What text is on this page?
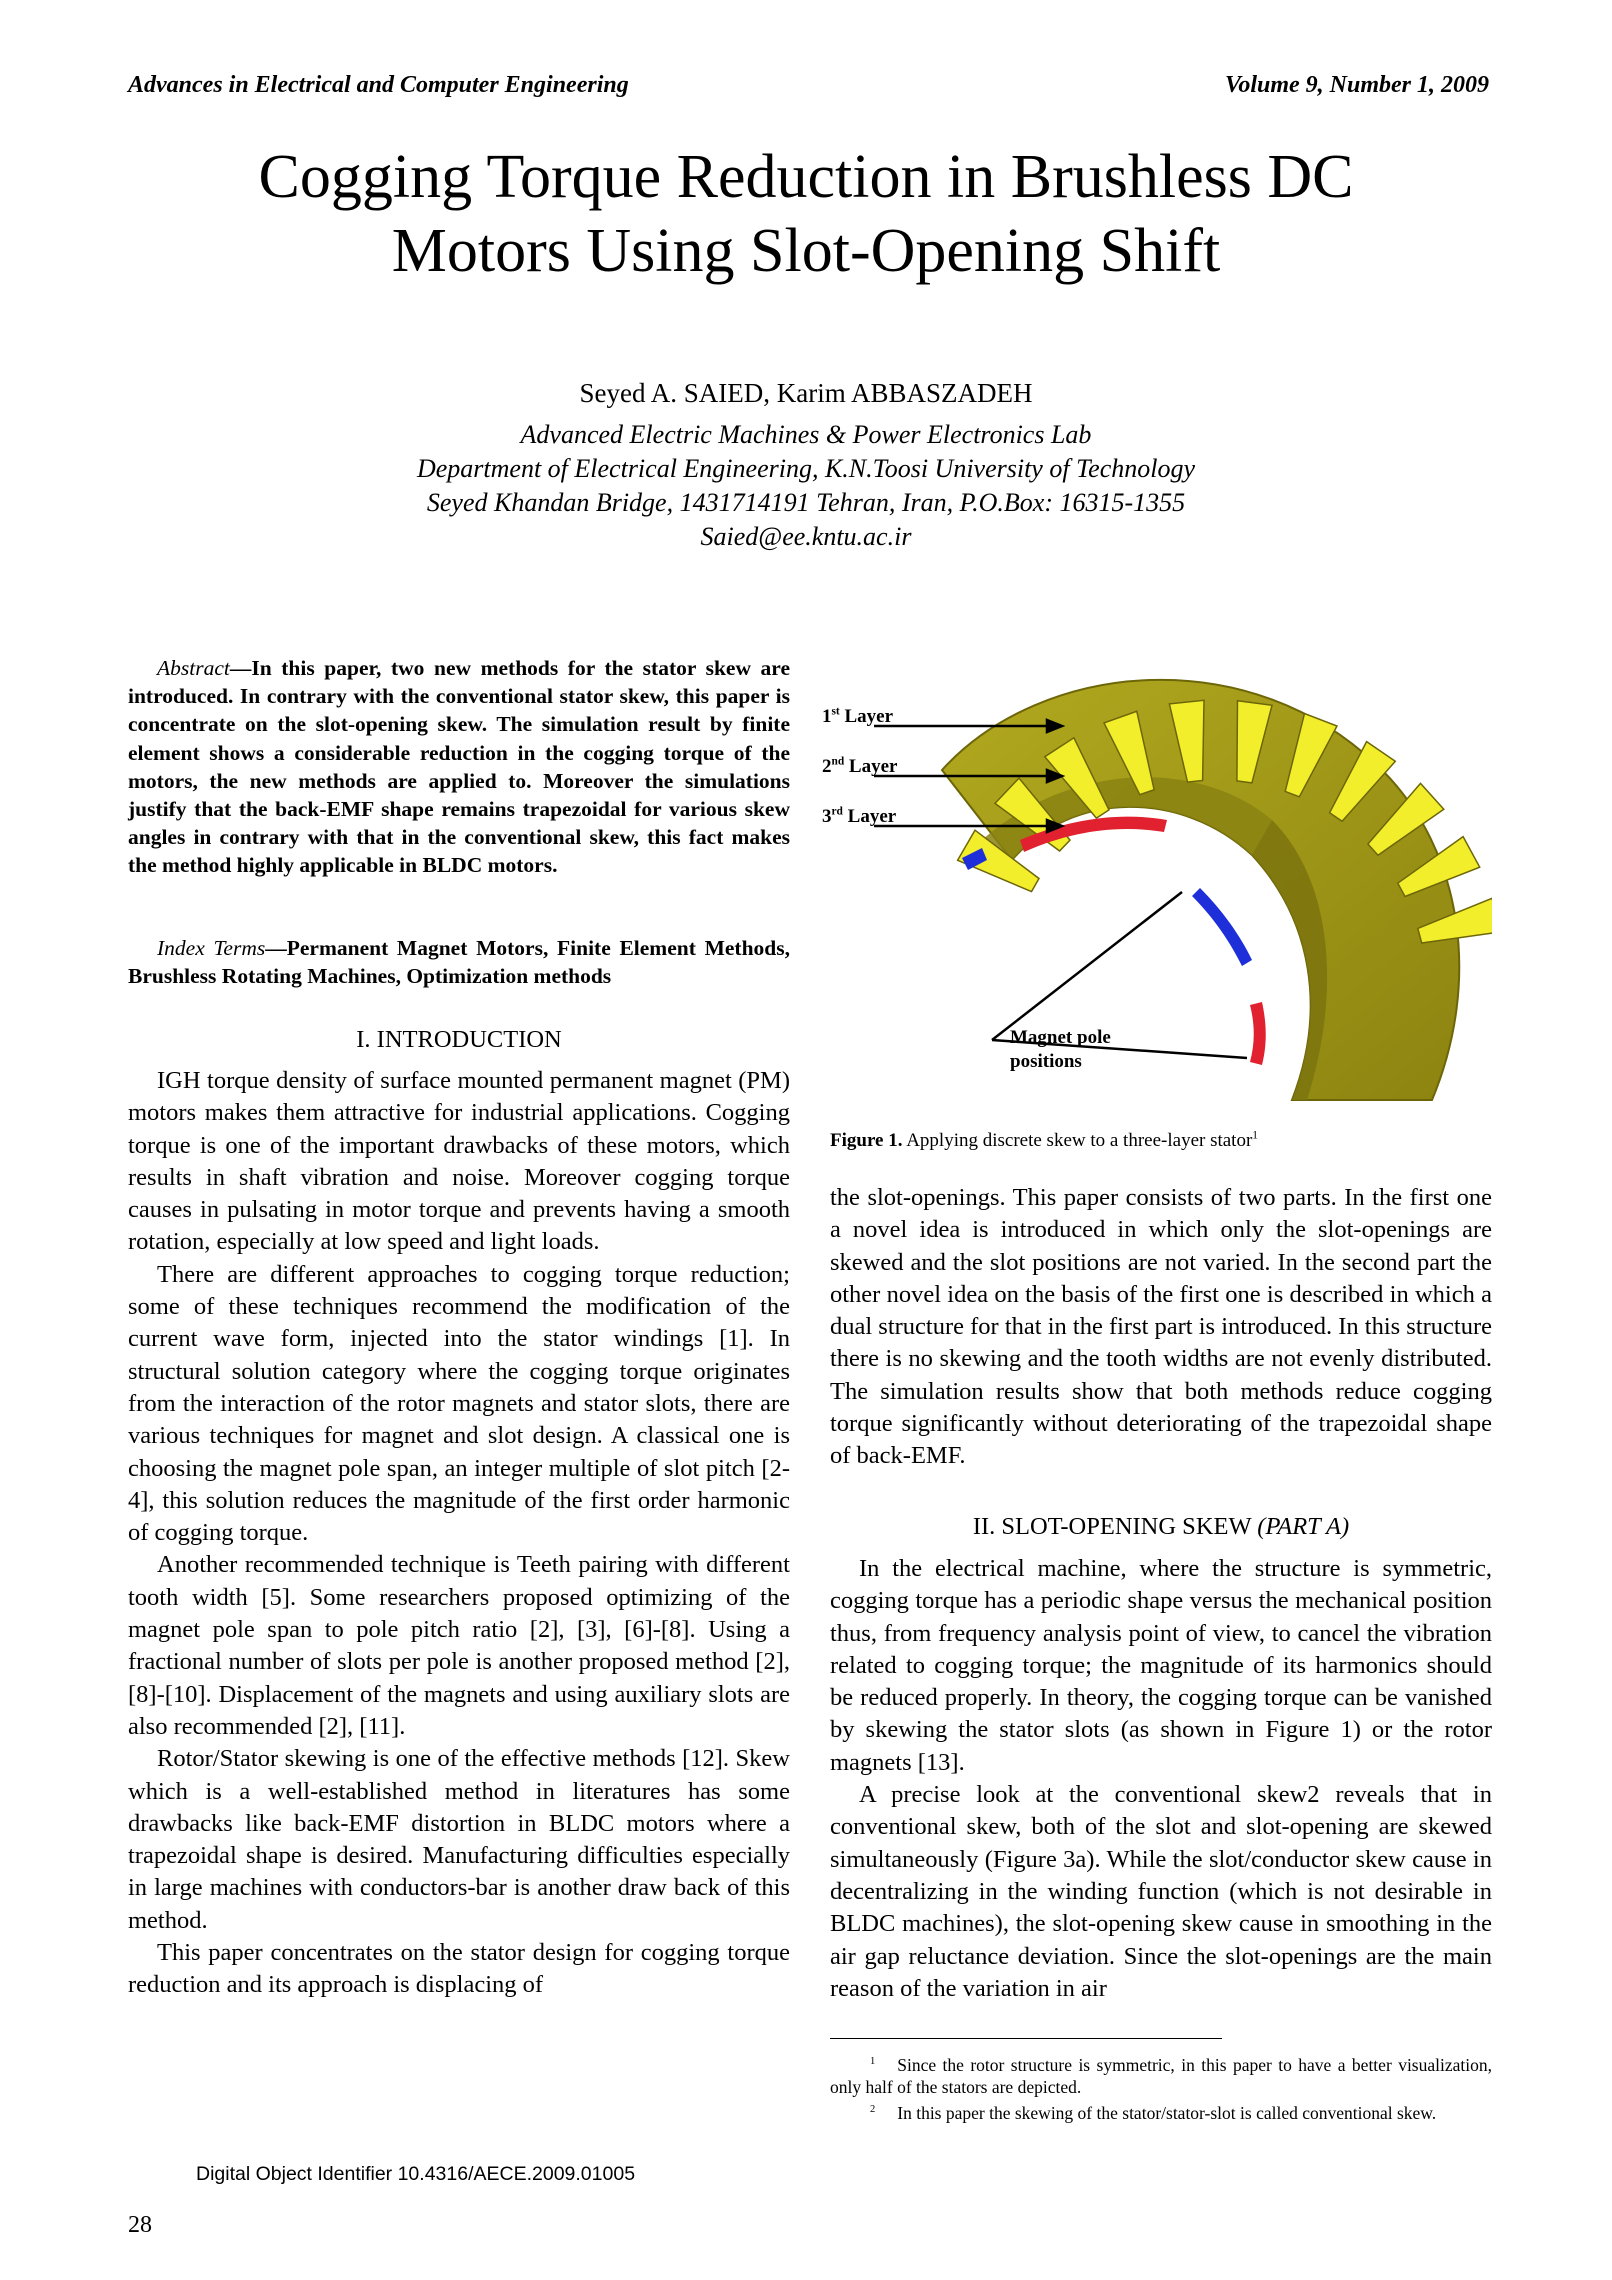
Advances in Electrical and Computer Engineering	Volume 9, Number 1, 2009
Cogging Torque Reduction in Brushless DC
Motors Using Slot-Opening Shift
Seyed A. SAIED, Karim ABBASZADEH
Advanced Electric Machines & Power Electronics Lab
Department of Electrical Engineering, K.N.Toosi University of Technology
Seyed Khandan Bridge, 1431714191 Tehran, Iran, P.O.Box: 16315-1355
Saied@ee.kntu.ac.ir
Abstract—In this paper, two new methods for the stator skew are introduced. In contrary with the conventional stator skew, this paper is concentrate on the slot-opening skew. The simulation result by finite element shows a considerable reduction in the cogging torque of the motors, the new methods are applied to. Moreover the simulations justify that the back-EMF shape remains trapezoidal for various skew angles in contrary with that in the conventional skew, this fact makes the method highly applicable in BLDC motors.
Index Terms—Permanent Magnet Motors, Finite Element Methods, Brushless Rotating Machines, Optimization methods
I. INTRODUCTION

IGH torque density of surface mounted permanent magnet (PM) motors makes them attractive for industrial applications. Cogging torque is one of the important drawbacks of these motors, which results in shaft vibration and noise. Moreover cogging torque causes in pulsating in motor torque and prevents having a smooth rotation, especially at low speed and light loads.

There are different approaches to cogging torque reduction; some of these techniques recommend the modification of the current wave form, injected into the stator windings [1]. In structural solution category where the cogging torque originates from the interaction of the rotor magnets and stator slots, there are various techniques for magnet and slot design. A classical one is choosing the magnet pole span, an integer multiple of slot pitch [2-4], this solution reduces the magnitude of the first order harmonic of cogging torque.

Another recommended technique is Teeth pairing with different tooth width [5]. Some researchers proposed optimizing of the magnet pole span to pole pitch ratio [2], [3], [6]-[8]. Using a fractional number of slots per pole is another proposed method [2], [8]-[10]. Displacement of the magnets and using auxiliary slots are also recommended [2], [11].

Rotor/Stator skewing is one of the effective methods [12]. Skew which is a well-established method in literatures has some drawbacks like back-EMF distortion in BLDC motors where a trapezoidal shape is desired. Manufacturing difficulties especially in large machines with conductors-bar is another draw back of this method.

This paper concentrates on the stator design for cogging torque reduction and its approach is displacing of

1st Layer
2nd Layer
3rd Layer
Magnet pole
positions
Figure 1. Applying discrete skew to a three-layer stator$^1$

the slot-openings. This paper consists of two parts. In the first one a novel idea is introduced in which only the slot-openings are skewed and the slot positions are not varied. In the second part the other novel idea on the basis of the first one is described in which a dual structure for that in the first part is introduced. In this structure there is no skewing and the tooth widths are not evenly distributed. The simulation results show that both methods reduce cogging torque significantly without deteriorating of the trapezoidal shape of back-EMF.

II. SLOT-OPENING SKEW (PART A)

In the electrical machine, where the structure is symmetric, cogging torque has a periodic shape versus the mechanical position thus, from frequency analysis point of view, to cancel the vibration related to cogging torque; the magnitude of its harmonics should be reduced properly. In theory, the cogging torque can be vanished by skewing the stator slots (as shown in Figure 1) or the rotor magnets [13].

A precise look at the conventional skew2 reveals that in conventional skew, both of the slot and slot-opening are skewed simultaneously (Figure 3a). While the slot/conductor skew cause in decentralizing in the winding function (which is not desirable in BLDC machines), the slot-opening skew cause in smoothing in the air gap reluctance deviation. Since the slot-openings are the main reason of the variation in air

$^1$ Since the rotor structure is symmetric, in this paper to have a better visualization, only half of the stators are depicted.
$^2$ In this paper the skewing of the stator/stator-slot is called conventional skew.
Digital Object Identifier 10.4316/AECE.2009.01005
28
